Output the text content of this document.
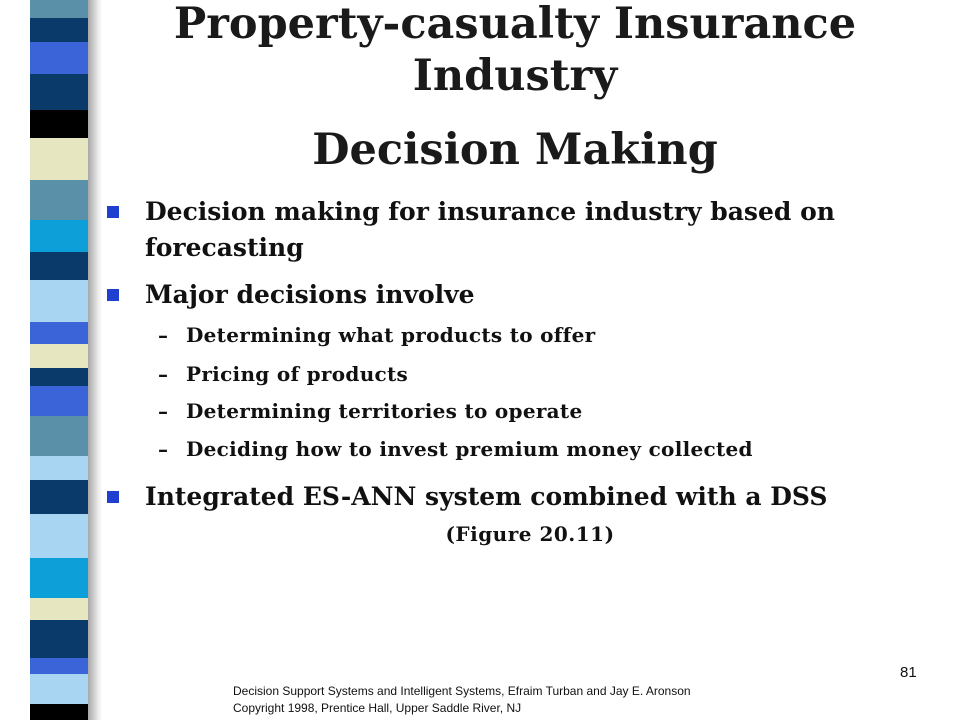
Property-casualty Insurance Industry
Decision Making
Decision making for insurance industry based on forecasting
Major decisions involve
– Determining what products to offer
– Pricing of products
– Determining territories to operate
– Deciding how to invest premium money collected
Integrated ES-ANN system combined with a DSS
(Figure 20.11)
81
Decision Support Systems and Intelligent Systems, Efraim Turban and Jay E. Aronson
Copyright 1998, Prentice Hall, Upper Saddle River, NJ
